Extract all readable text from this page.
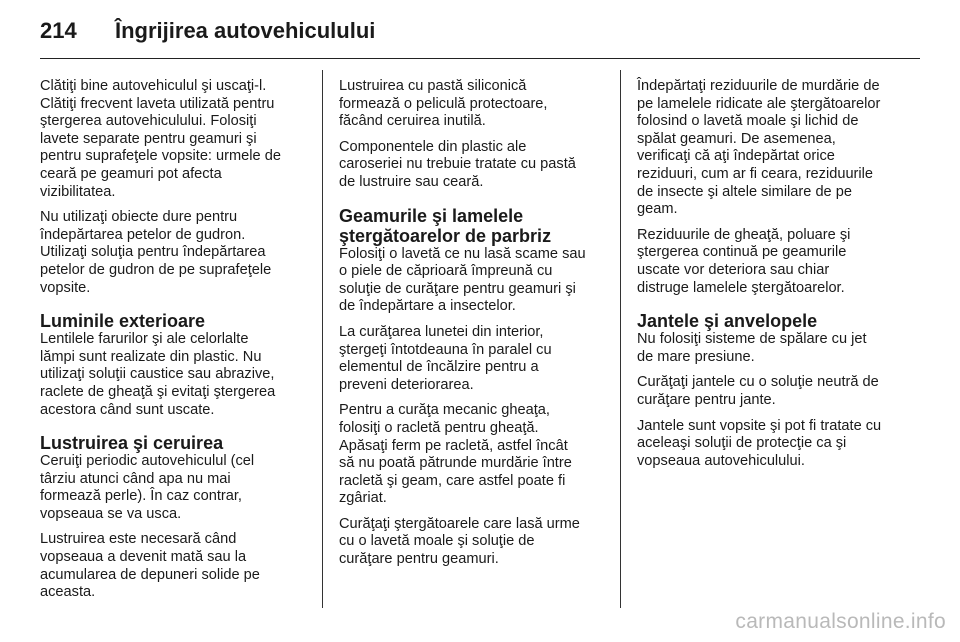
214 Îngrijirea autovehiculului

Clătiţi bine autovehiculul şi uscaţi-l.
Clătiţi frecvent laveta utilizată pentru
ştergerea autovehiculului. Folosiţi
lavete separate pentru geamuri şi
pentru suprafeţele vopsite: urmele de
ceară pe geamuri pot afecta
vizibilitatea.

Nu utilizaţi obiecte dure pentru
îndepărtarea petelor de gudron.
Utilizaţi soluţia pentru îndepărtarea
petelor de gudron de pe suprafeţele
vopsite.

Luminile exterioare

Lentilele farurilor şi ale celorlalte
lămpi sunt realizate din plastic. Nu
utilizaţi soluţii caustice sau abrazive,
raclete de gheaţă şi evitaţi ştergerea
acestora când sunt uscate.

Lustruirea şi ceruirea

Ceruiţi periodic autovehiculul (cel
târziu atunci când apa nu mai
formează perle). În caz contrar,
vopseaua se va usca.

Lustruirea este necesară când
vopseaua a devenit mată sau la
acumularea de depuneri solide pe
aceasta.

Lustruirea cu pastă siliconică
formează o peliculă protectoare,
făcând ceruirea inutilă.

Componentele din plastic ale
caroseriei nu trebuie tratate cu pastă
de lustruire sau ceară.

Geamurile şi lamelele
ştergătoarelor de parbriz

Folosiţi o lavetă ce nu lasă scame sau
o piele de căprioară împreună cu
soluţie de curăţare pentru geamuri şi
de îndepărtare a insectelor.

La curăţarea lunetei din interior,
ştergeţi întotdeauna în paralel cu
elementul de încălzire pentru a
preveni deteriorarea.

Pentru a curăţa mecanic gheaţa,
folosiţi o racletă pentru gheaţă.
Apăsaţi ferm pe racletă, astfel încât
să nu poată pătrunde murdărie între
racletă şi geam, care astfel poate fi
zgâriat.

Curăţaţi ştergătoarele care lasă urme
cu o lavetă moale şi soluţie de
curăţare pentru geamuri.

Îndepărtaţi reziduurile de murdărie de
pe lamelele ridicate ale ştergătoarelor
folosind o lavetă moale şi lichid de
spălat geamuri. De asemenea,
verificaţi că aţi îndepărtat orice
reziduuri, cum ar fi ceara, reziduurile
de insecte şi altele similare de pe
geam.

Reziduurile de gheaţă, poluare şi
ştergerea continuă pe geamurile
uscate vor deteriora sau chiar
distruge lamelele ştergătoarelor.

Jantele şi anvelopele

Nu folosiţi sisteme de spălare cu jet
de mare presiune.

Curăţaţi jantele cu o soluţie neutră de
curăţare pentru jante.

Jantele sunt vopsite şi pot fi tratate cu
aceleaşi soluţii de protecţie ca şi
vopseaua autovehiculului.

carmanualsonline.info
